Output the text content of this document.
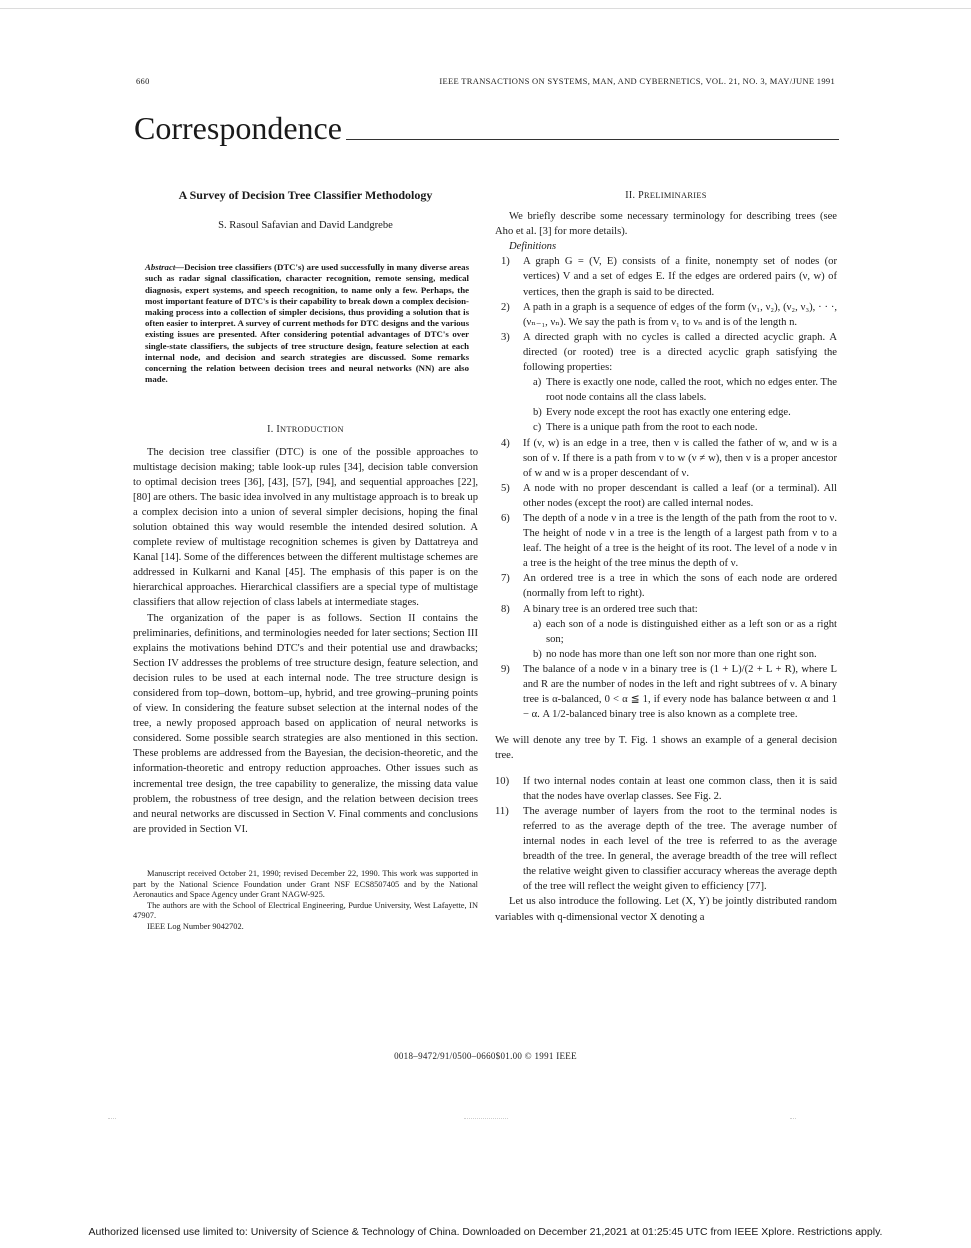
660	IEEE TRANSACTIONS ON SYSTEMS, MAN, AND CYBERNETICS, VOL. 21, NO. 3, MAY/JUNE 1991
Correspondence

A Survey of Decision Tree Classifier Methodology

S. Rasoul Safavian and David Landgrebe

Abstract—Decision tree classifiers (DTC's) are used successfully in many diverse areas such as radar signal classification, character recognition, remote sensing, medical diagnosis, expert systems, and speech recognition, to name only a few. Perhaps, the most important feature of DTC's is their capability to break down a complex decision-making process into a collection of simpler decisions, thus providing a solution that is often easier to interpret. A survey of current methods for DTC designs and the various existing issues are presented. After considering potential advantages of DTC's over single-state classifiers, the subjects of tree structure design, feature selection at each internal node, and decision and search strategies are discussed. Some remarks concerning the relation between decision trees and neural networks (NN) are also made.

I. INTRODUCTION

The decision tree classifier (DTC) is one of the possible approaches to multistage decision making; table look-up rules [34], decision table conversion to optimal decision trees [36], [43], [57], [94], and sequential approaches [22], [80] are others. The basic idea involved in any multistage approach is to break up a complex decision into a union of several simpler decisions, hoping the final solution obtained this way would resemble the intended desired solution. A complete review of multistage recognition schemes is given by Dattatreya and Kanal [14]. Some of the differences between the different multistage schemes are addressed in Kulkarni and Kanal [45]. The emphasis of this paper is on the hierarchical approaches. Hierarchical classifiers are a special type of multistage classifiers that allow rejection of class labels at intermediate stages.

The organization of the paper is as follows. Section II contains the preliminaries, definitions, and terminologies needed for later sections; Section III explains the motivations behind DTC's and their potential use and drawbacks; Section IV addresses the problems of tree structure design, feature selection, and decision rules to be used at each internal node. The tree structure design is considered from top–down, bottom–up, hybrid, and tree growing–pruning points of view. In considering the feature subset selection at the internal nodes of the tree, a newly proposed approach based on application of neural networks is considered. Some possible search strategies are also mentioned in this section. These problems are addressed from the Bayesian, the decision-theoretic, and the information-theoretic and entropy reduction approaches. Other issues such as incremental tree design, the tree capability to generalize, the missing data value problem, the robustness of tree design, and the relation between decision trees and neural networks are discussed in Section V. Final comments and conclusions are provided in Section VI.

Manuscript received October 21, 1990; revised December 22, 1990. This work was supported in part by the National Science Foundation under Grant NSF ECS8507405 and by the National Aeronautics and Space Agency under Grant NAGW-925.

The authors are with the School of Electrical Engineering, Purdue University, West Lafayette, IN 47907.

IEEE Log Number 9042702.

II. PRELIMINARIES

We briefly describe some necessary terminology for describing trees (see Aho et al. [3] for more details).

Definitions

1) A graph G = (V, E) consists of a finite, nonempty set of nodes (or vertices) V and a set of edges E. If the edges are ordered pairs (ν, w) of vertices, then the graph is said to be directed.
2) A path in a graph is a sequence of edges of the form (ν₁, ν₂), (ν₂, ν₃), · · ·, (νₙ₋₁, νₙ). We say the path is from ν₁ to νₙ and is of the length n.
3) A directed graph with no cycles is called a directed acyclic graph. A directed (or rooted) tree is a directed acyclic graph satisfying the following properties:
a) There is exactly one node, called the root, which no edges enter. The root node contains all the class labels.
b) Every node except the root has exactly one entering edge.
c) There is a unique path from the root to each node.
4) If (ν, w) is an edge in a tree, then ν is called the father of w, and w is a son of ν. If there is a path from ν to w (ν ≠ w), then ν is a proper ancestor of w and w is a proper descendant of ν.
5) A node with no proper descendant is called a leaf (or a terminal). All other nodes (except the root) are called internal nodes.
6) The depth of a node ν in a tree is the length of the path from the root to ν. The height of node ν in a tree is the length of a largest path from ν to a leaf. The height of a tree is the height of its root. The level of a node ν in a tree is the height of the tree minus the depth of ν.
7) An ordered tree is a tree in which the sons of each node are ordered (normally from left to right).
8) A binary tree is an ordered tree such that:
a) each son of a node is distinguished either as a left son or as a right son;
b) no node has more than one left son nor more than one right son.
9) The balance of a node ν in a binary tree is (1 + L)/(2 + L + R), where L and R are the number of nodes in the left and right subtrees of ν. A binary tree is α-balanced, 0 < α ≦ 1, if every node has balance between α and 1 − α. A 1/2-balanced binary tree is also known as a complete tree.

We will denote any tree by T. Fig. 1 shows an example of a general decision tree.

10) If two internal nodes contain at least one common class, then it is said that the nodes have overlap classes. See Fig. 2.
11) The average number of layers from the root to the terminal nodes is referred to as the average depth of the tree. The average number of internal nodes in each level of the tree is referred to as the average breadth of the tree. In general, the average breadth of the tree will reflect the relative weight given to classifier accuracy whereas the average depth of the tree will reflect the weight given to efficiency [77].

Let us also introduce the following. Let (X, Y) be jointly distributed random variables with q-dimensional vector X denoting a

0018–9472/91/0500–0660$01.00 © 1991 IEEE
Authorized licensed use limited to: University of Science & Technology of China. Downloaded on December 21,2021 at 01:25:45 UTC from IEEE Xplore. Restrictions apply.
